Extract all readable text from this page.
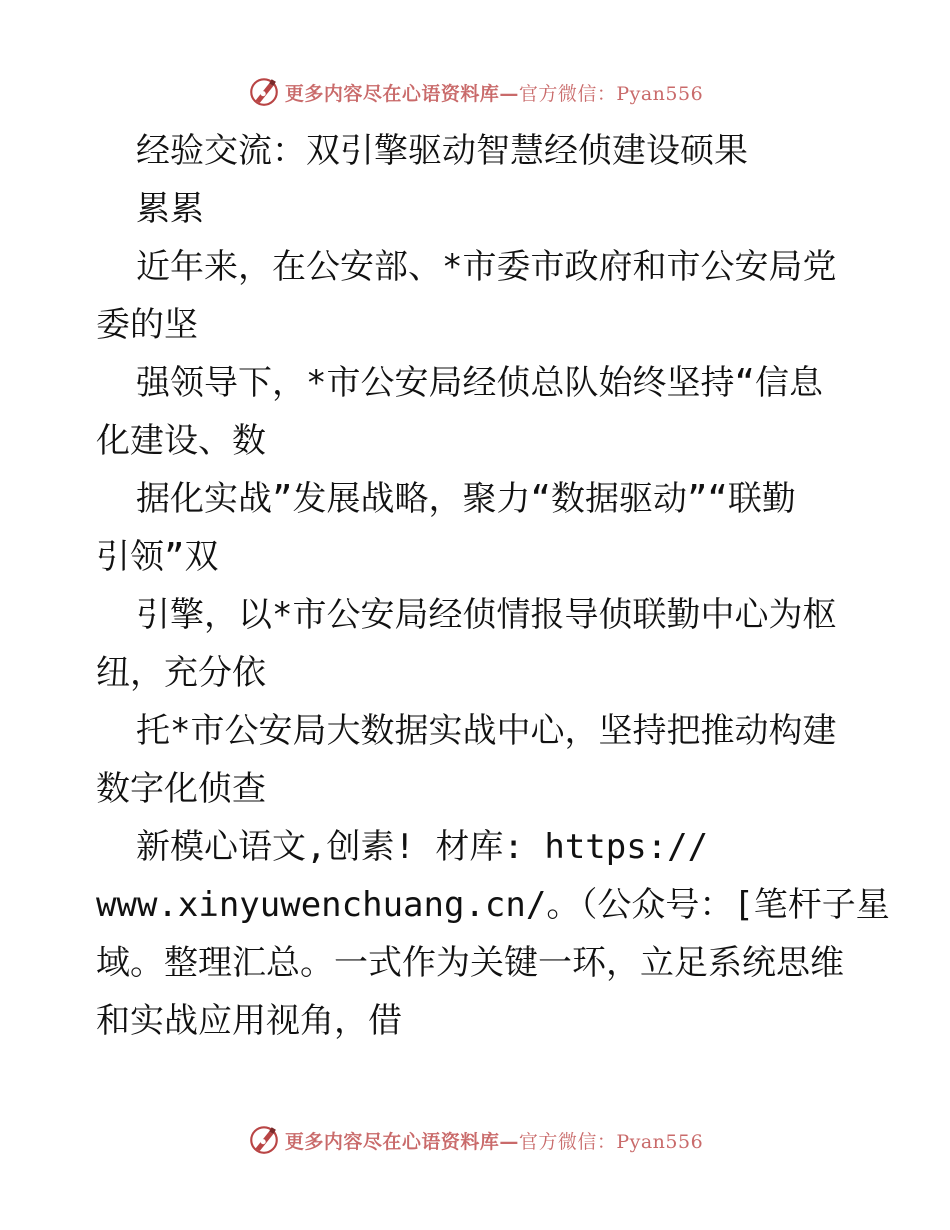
更多内容尽在心语资料库—官方微信：Pyan556
经验交流：双引擎驱动智慧经侦建设硕果
累累
近年来，在公安部、*市委市政府和市公安局党
委的坚
强领导下，*市公安局经侦总队始终坚持“信息
化建设、数
据化实战”发展战略，聚力“数据驱动”“联勤
引领”双
引擎，以*市公安局经侦情报导侦联勤中心为枢
纽，充分依
托*市公安局大数据实战中心，坚持把推动构建
数字化侦查
新模心语文,创素! 材库: https://
www.xinyuwenchuang.cn/。（公众号：[笔杆子星
域。整理汇总。一式作为关键一环，立足系统思维
和实战应用视角，借
更多内容尽在心语资料库—官方微信：Pyan556
